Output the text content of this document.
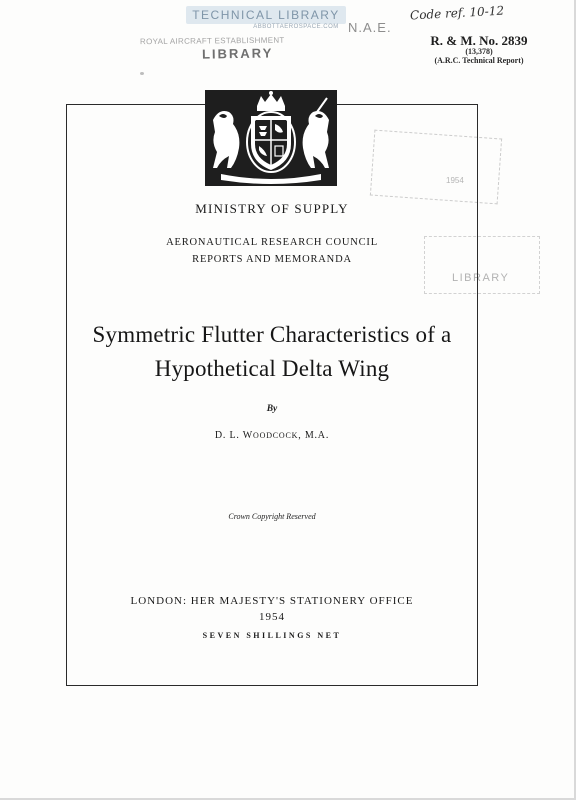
TECHNICAL LIBRARY
ABBOTTAEROSPACE.COM
ROYAL AIRCRAFT ESTABLISHMENT
N.A.E.
LIBRARY
Code ref. 10-12
R. & M. No. 2839
(13,378)
(A.R.C. Technical Report)
1954
LIBRARY
MINISTRY OF SUPPLY
AERONAUTICAL RESEARCH COUNCIL
REPORTS AND MEMORANDA
Symmetric Flutter Characteristics of a
Hypothetical Delta Wing
By
D. L. WOODCOCK, M.A.
Crown Copyright Reserved
LONDON: HER MAJESTY'S STATIONERY OFFICE
1954
SEVEN SHILLINGS NET
